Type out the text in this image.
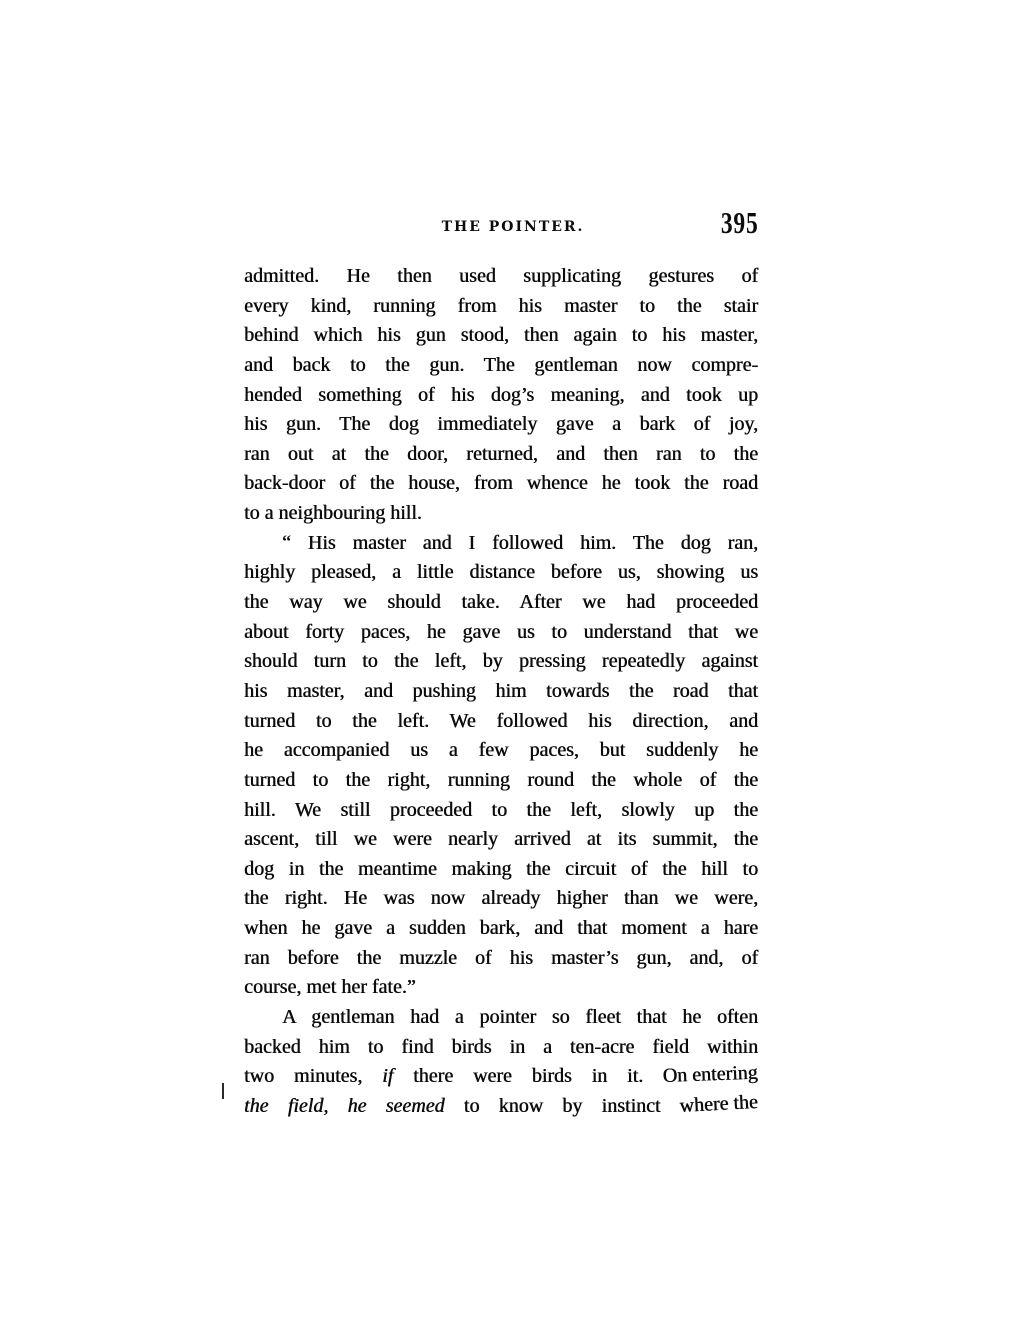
THE POINTER.	395
admitted. He then used supplicating gestures of
every kind, running from his master to the stair
behind which his gun stood, then again to his master,
and back to the gun. The gentleman now compre-
hended something of his dog’s meaning, and took up
his gun. The dog immediately gave a bark of joy,
ran out at the door, returned, and then ran to the
back-door of the house, from whence he took the road
to a neighbouring hill.
“ His master and I followed him. The dog ran,
highly pleased, a little distance before us, showing us
the way we should take. After we had proceeded
about forty paces, he gave us to understand that we
should turn to the left, by pressing repeatedly against
his master, and pushing him towards the road that
turned to the left. We followed his direction, and
he accompanied us a few paces, but suddenly he
turned to the right, running round the whole of the
hill. We still proceeded to the left, slowly up the
ascent, till we were nearly arrived at its summit, the
dog in the meantime making the circuit of the hill to
the right. He was now already higher than we were,
when he gave a sudden bark, and that moment a hare
ran before the muzzle of his master’s gun, and, of
course, met her fate.”
A gentleman had a pointer so fleet that he often
backed him to find birds in a ten-acre field within
two minutes, if there were birds in it. On entering
the field, he seemed to know by instinct where the
